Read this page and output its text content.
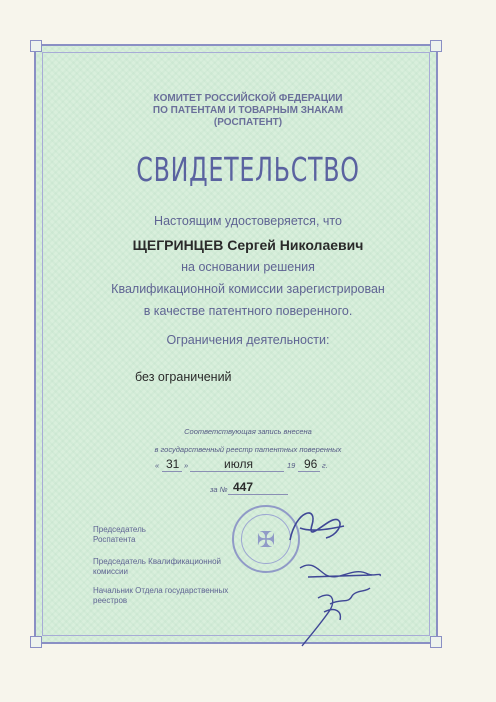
КОМИТЕТ РОССИЙСКОЙ ФЕДЕРАЦИИ
ПО ПАТЕНТАМ И ТОВАРНЫМ ЗНАКАМ
(РОСПАТЕНТ)
СВИДЕТЕЛЬСТВО
Настоящим удостоверяется, что
ЩЕГРИНЦЕВ Сергей Николаевич
на основании решения
Квалификационной комиссии зарегистрирован
в качестве патентного поверенного.
Ограничения деятельности:
без ограничений
Соответствующая запись внесена
в государственный реестр патентных поверенных
« 31 »	июля	19 96 г.
за № 447
Председатель
Роспатента
Председатель Квалификационной
комиссии
Начальник Отдела государственных
реестров
✠
